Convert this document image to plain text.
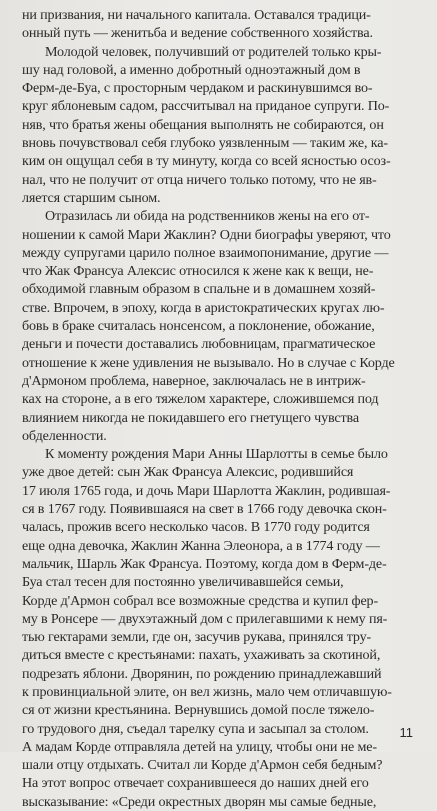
ни призвания, ни начального капитала. Оставался традици-
онный путь — женитьба и ведение собственного хозяйства.
Молодой человек, получивший от родителей только кры-
шу над головой, а именно добротный одноэтажный дом в
Ферм-де-Буа, с просторным чердаком и раскинувшимся во-
круг яблоневым садом, рассчитывал на приданое супруги. По-
няв, что братья жены обещания выполнять не собираются, он
вновь почувствовал себя глубоко уязвленным — таким же, ка-
ким он ощущал себя в ту минуту, когда со всей ясностью осоз-
нал, что не получит от отца ничего только потому, что не яв-
ляется старшим сыном.
Отразилась ли обида на родственников жены на его от-
ношении к самой Мари Жаклин? Одни биографы уверяют, что
между супругами царило полное взаимопонимание, другие —
что Жак Франсуа Алексис относился к жене как к вещи, не-
обходимой главным образом в спальне и в домашнем хозяй-
стве. Впрочем, в эпоху, когда в аристократических кругах лю-
бовь в браке считалась нонсенсом, а поклонение, обожание,
деньги и почести доставались любовницам, прагматическое
отношение к жене удивления не вызывало. Но в случае с Корде
д'Армоном проблема, наверное, заключалась не в интриж-
ках на стороне, а в его тяжелом характере, сложившемся под
влиянием никогда не покидавшего его гнетущего чувства
обделенности.
К моменту рождения Мари Анны Шарлотты в семье было
уже двое детей: сын Жак Франсуа Алексис, родившийся
17 июля 1765 года, и дочь Мари Шарлотта Жаклин, родившая-
ся в 1767 году. Появившаяся на свет в 1766 году девочка скон-
чалась, прожив всего несколько часов. В 1770 году родится
еще одна девочка, Жаклин Жанна Элеонора, а в 1774 году —
мальчик, Шарль Жак Франсуа. Поэтому, когда дом в Ферм-де-
Буа стал тесен для постоянно увеличивавшейся семьи,
Корде д'Армон собрал все возможные средства и купил фер-
му в Ронсере — двухэтажный дом с прилегавшими к нему пя-
тью гектарами земли, где он, засучив рукава, принялся тру-
диться вместе с крестьянами: пахать, ухаживать за скотиной,
подрезать яблони. Дворянин, по рождению принадлежавший
к провинциальной элите, он вел жизнь, мало чем отличавшую-
ся от жизни крестьянина. Вернувшись домой после тяжело-
го трудового дня, съедал тарелку супа и засыпал за столом.
А мадам Корде отправляла детей на улицу, чтобы они не ме-
шали отцу отдыхать. Считал ли Корде д'Армон себя бедным?
На этот вопрос отвечает сохранившееся до наших дней его
высказывание: «Среди окрестных дворян мы самые бедные,
11
